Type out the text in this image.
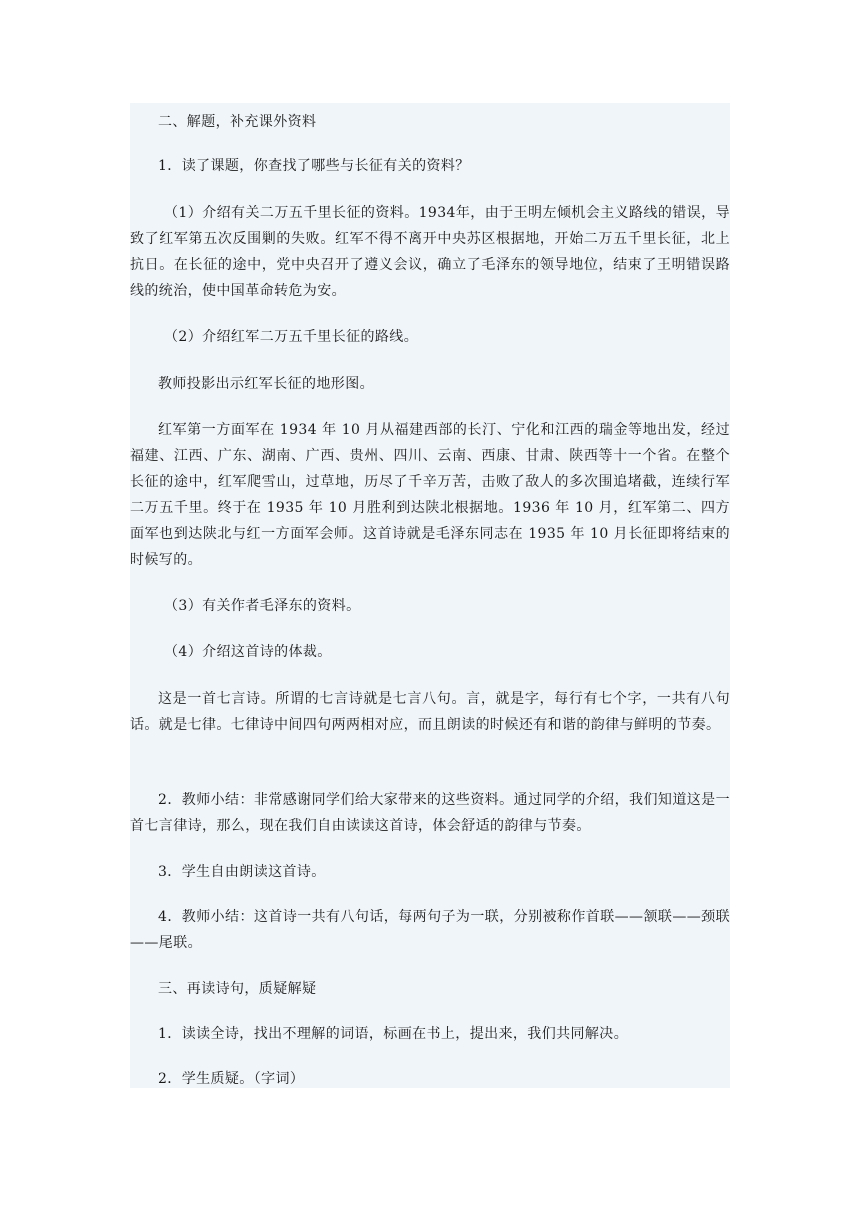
二、解题，补充课外资料

1．读了课题，你查找了哪些与长征有关的资料？

（1）介绍有关二万五千里长征的资料。1934年，由于王明左倾机会主义路线的错误，导致了红军第五次反围剿的失败。红军不得不离开中央苏区根据地，开始二万五千里长征，北上抗日。在长征的途中，党中央召开了遵义会议，确立了毛泽东的领导地位，结束了王明错误路线的统治，使中国革命转危为安。

（2）介绍红军二万五千里长征的路线。

教师投影出示红军长征的地形图。

红军第一方面军在 1934 年 10 月从福建西部的长汀、宁化和江西的瑞金等地出发，经过福建、江西、广东、湖南、广西、贵州、四川、云南、西康、甘肃、陕西等十一个省。在整个长征的途中，红军爬雪山，过草地，历尽了千辛万苦，击败了敌人的多次围追堵截，连续行军二万五千里。终于在 1935 年 10 月胜利到达陕北根据地。1936 年 10 月，红军第二、四方面军也到达陕北与红一方面军会师。这首诗就是毛泽东同志在 1935 年 10 月长征即将结束的时候写的。

（3）有关作者毛泽东的资料。

（4）介绍这首诗的体裁。

这是一首七言诗。所谓的七言诗就是七言八句。言，就是字，每行有七个字，一共有八句话。就是七律。七律诗中间四句两两相对应，而且朗读的时候还有和谐的韵律与鲜明的节奏。

2．教师小结：非常感谢同学们给大家带来的这些资料。通过同学的介绍，我们知道这是一首七言律诗，那么，现在我们自由读读这首诗，体会舒适的韵律与节奏。

3．学生自由朗读这首诗。

4．教师小结：这首诗一共有八句话，每两句子为一联，分别被称作首联——颔联——颈联——尾联。

三、再读诗句，质疑解疑

1．读读全诗，找出不理解的词语，标画在书上，提出来，我们共同解决。

2．学生质疑。（字词）
